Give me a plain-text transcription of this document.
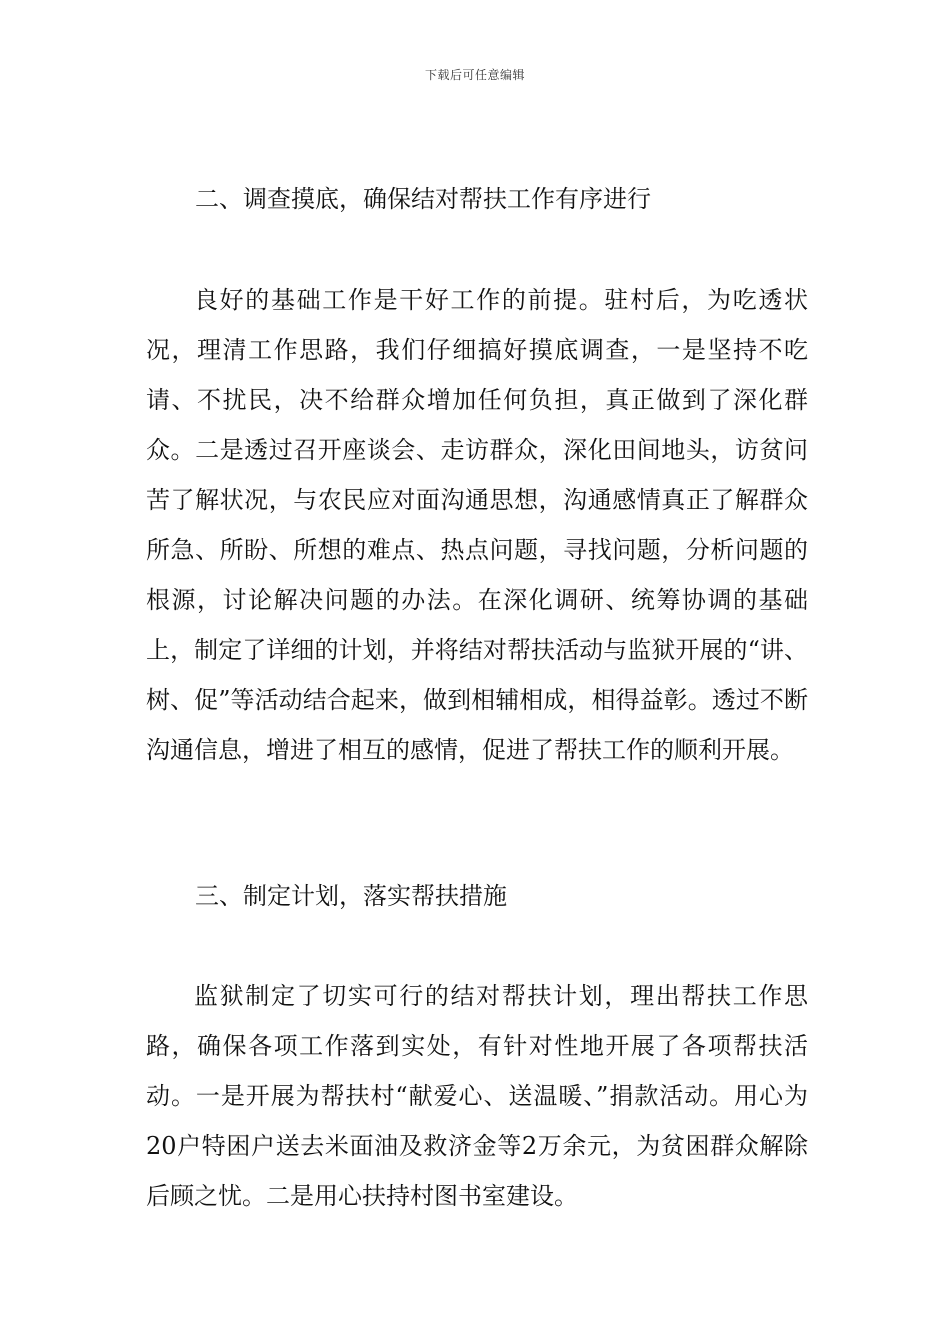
下载后可任意编辑
二、调查摸底，确保结对帮扶工作有序进行

良好的基础工作是干好工作的前提。驻村后，为吃透状况，理清工作思路，我们仔细搞好摸底调查，一是坚持不吃请、不扰民，决不给群众增加任何负担，真正做到了深化群众。二是透过召开座谈会、走访群众，深化田间地头，访贫问苦了解状况，与农民应对面沟通思想，沟通感情真正了解群众所急、所盼、所想的难点、热点问题，寻找问题，分析问题的根源，讨论解决问题的办法。在深化调研、统筹协调的基础上，制定了详细的计划，并将结对帮扶活动与监狱开展的“讲、树、促”等活动结合起来，做到相辅相成，相得益彰。透过不断沟通信息，增进了相互的感情，促进了帮扶工作的顺利开展。

三、制定计划，落实帮扶措施

监狱制定了切实可行的结对帮扶计划，理出帮扶工作思路，确保各项工作落到实处，有针对性地开展了各项帮扶活动。一是开展为帮扶村“献爱心、送温暖、”捐款活动。用心为20户特困户送去米面油及救济金等2万余元，为贫困群众解除后顾之忧。二是用心扶持村图书室建设。
